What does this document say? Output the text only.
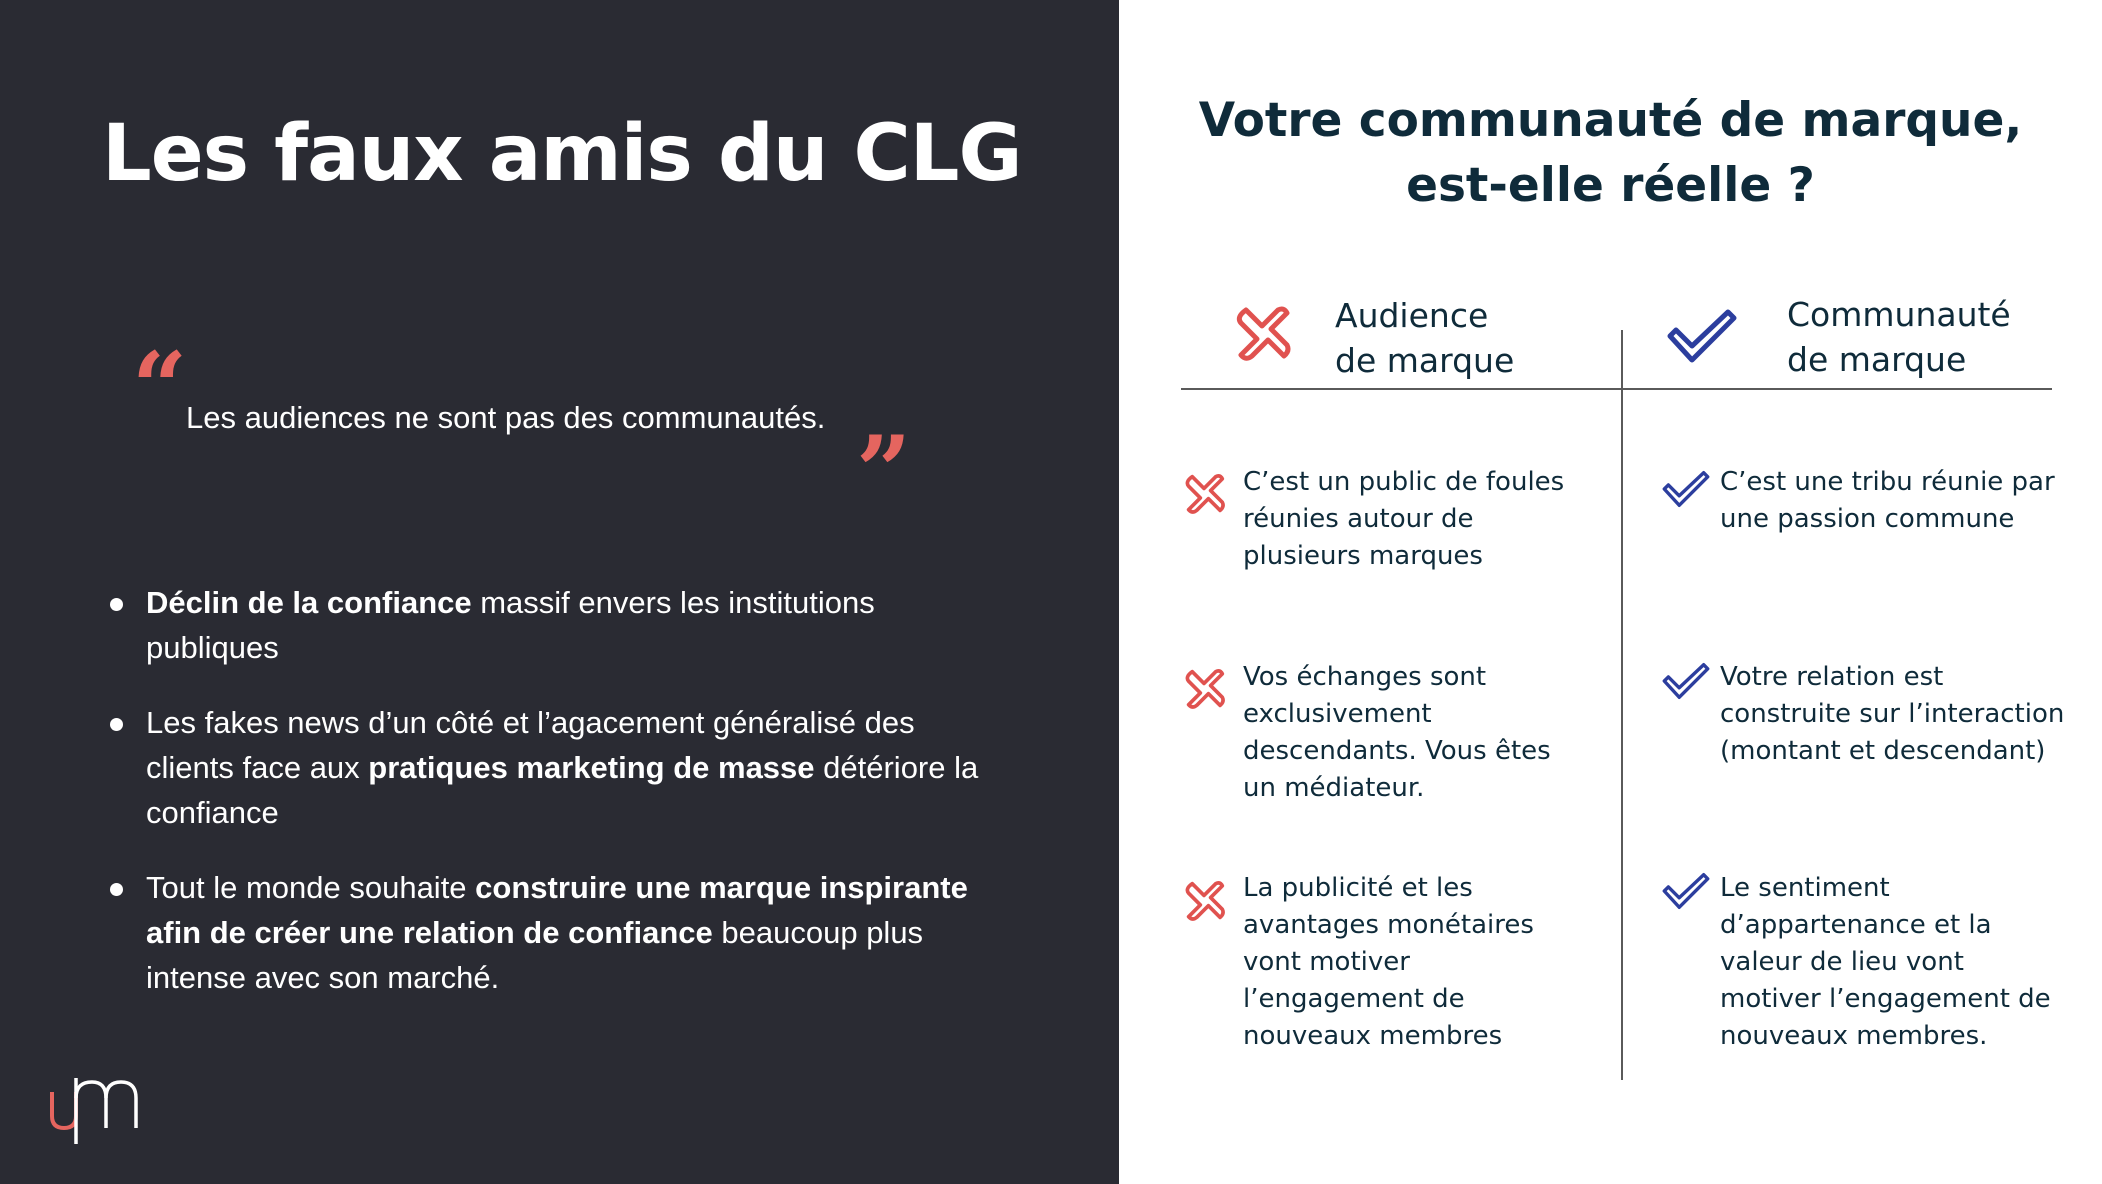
Les faux amis du CLG
“ Les audiences ne sont pas des communautés. ”
Déclin de la confiance massif envers les institutions publiques
Les fakes news d’un côté et l’agacement généralisé des clients face aux pratiques marketing de masse détériore la confiance
Tout le monde souhaite construire une marque inspirante afin de créer une relation de confiance beaucoup plus intense avec son marché.
Votre communauté de marque,
est-elle réelle ?
Audience
de marque
Communauté
de marque
C’est un public de foules réunies autour de plusieurs marques
Vos échanges sont exclusivement descendants. Vous êtes un médiateur.
La publicité et les avantages monétaires vont motiver l’engagement de nouveaux membres
C’est une tribu réunie par une passion commune
Votre relation est construite sur l’interaction (montant et descendant)
Le sentiment d’appartenance et la valeur de lieu vont motiver l’engagement de nouveaux membres.
